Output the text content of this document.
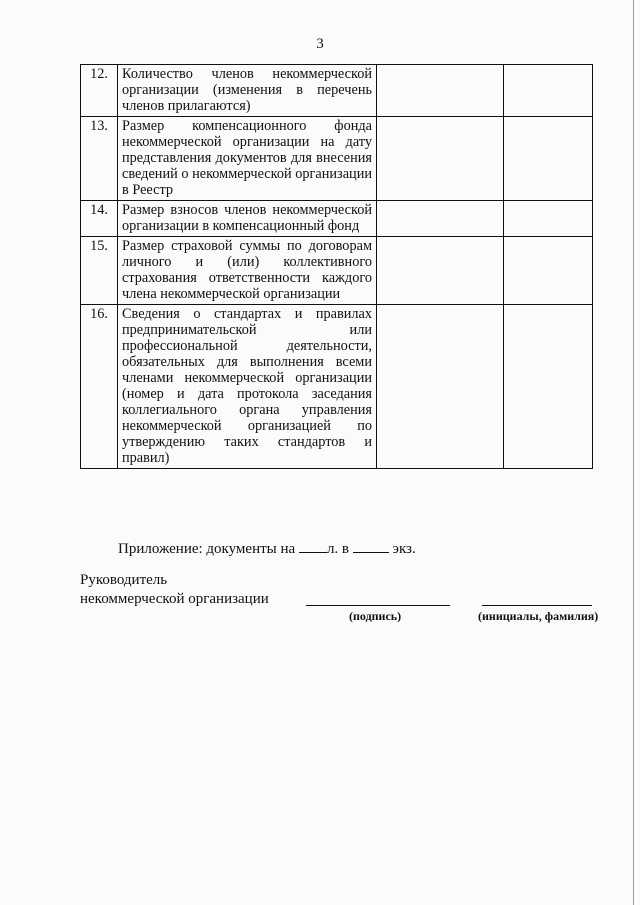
3
12.	Количество членов некоммерческой организации (изменения в перечень членов прилагаются)		
13.	Размер компенсационного фонда некоммерческой организации на дату представления документов для внесения сведений о некоммерческой организации в Реестр		
14.	Размер взносов членов некоммерческой организации в компенсационный фонд		
15.	Размер страховой суммы по договорам личного и (или) коллективного страхования ответственности каждого члена некоммерческой организации		
16.	Сведения о стандартах и правилах предпринимательской или профессиональной деятельности, обязательных для выполнения всеми членами некоммерческой организации (номер и дата протокола заседания коллегиального органа управления некоммерческой организацией по утверждению таких стандартов и правил)		
Приложение: документы на л. в	экз.
Руководитель
некоммерческой организации
(подпись)	(инициалы, фамилия)
